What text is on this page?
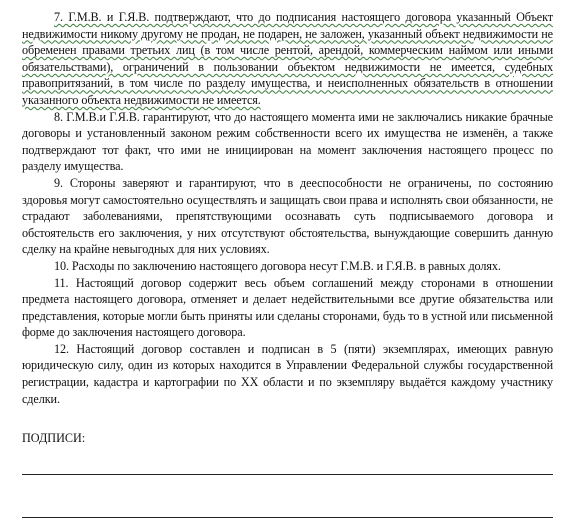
7. Г.М.В. и Г.Я.В. подтверждают, что до подписания настоящего договора указанный Объект недвижимости никому другому не продан, не подарен, не заложен, указанный объект недвижимости не обременен правами третьих лиц (в том числе рентой, арендой, коммерческим наймом или иными обязательствами), ограничений в пользовании объектом недвижимости не имеется, судебных правопритязаний, в том числе по разделу имущества, и неисполненных обязательств в отношении указанного объекта недвижимости не имеется.

8. Г.М.В.и Г.Я.В. гарантируют, что до настоящего момента ими не заключались никакие брачные договоры и установленный законом режим собственности всего их имущества не изменён, а также подтверждают тот факт, что ими не инициирован на момент заключения настоящего процесс по разделу имущества.

9. Стороны заверяют и гарантируют, что в дееспособности не ограничены, по состоянию здоровья могут самостоятельно осуществлять и защищать свои права и исполнять свои обязанности, не страдают заболеваниями, препятствующими осознавать суть подписываемого договора и обстоятельств его заключения, у них отсутствуют обстоятельства, вынуждающие совершить данную сделку на крайне невыгодных для них условиях.

10. Расходы по заключению настоящего договора несут Г.М.В. и Г.Я.В. в равных долях.

11. Настоящий договор содержит весь объем соглашений между сторонами в отношении предмета настоящего договора, отменяет и делает недействительными все другие обязательства или представления, которые могли быть приняты или сделаны сторонами, будь то в устной или письменной форме до заключения настоящего договора.

12. Настоящий договор составлен и подписан в 5 (пяти) экземплярах, имеющих равную юридическую силу, один из которых находится в Управлении Федеральной службы государственной регистрации, кадастра и картографии по XX области и по экземпляру выдаётся каждому участнику сделки.

ПОДПИСИ:
